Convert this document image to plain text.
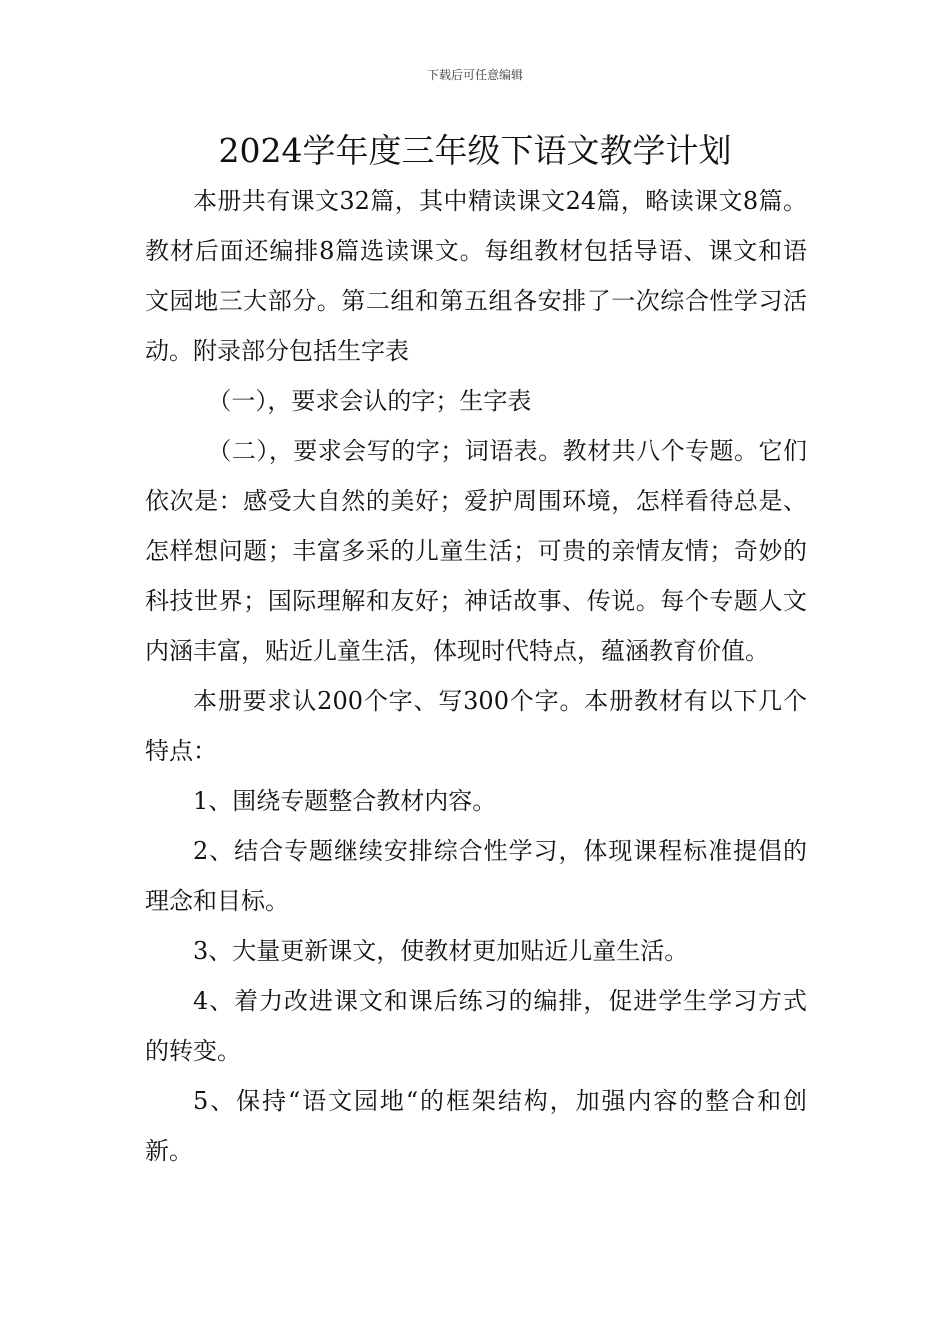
下载后可任意编辑
2024学年度三年级下语文教学计划

本册共有课文32篇，其中精读课文24篇，略读课文8篇。教材后面还编排8篇选读课文。每组教材包括导语、课文和语文园地三大部分。第二组和第五组各安排了一次综合性学习活动。附录部分包括生字表

（一），要求会认的字；生字表

（二），要求会写的字；词语表。教材共八个专题。它们依次是：感受大自然的美好；爱护周围环境，怎样看待总是、怎样想问题；丰富多采的儿童生活；可贵的亲情友情；奇妙的科技世界；国际理解和友好；神话故事、传说。每个专题人文内涵丰富，贴近儿童生活，体现时代特点，蕴涵教育价值。

本册要求认200个字、写300个字。本册教材有以下几个特点：

1、围绕专题整合教材内容。

2、结合专题继续安排综合性学习，体现课程标准提倡的理念和目标。

3、大量更新课文，使教材更加贴近儿童生活。

4、着力改进课文和课后练习的编排，促进学生学习方式的转变。

5、保持“语文园地“的框架结构，加强内容的整合和创新。
